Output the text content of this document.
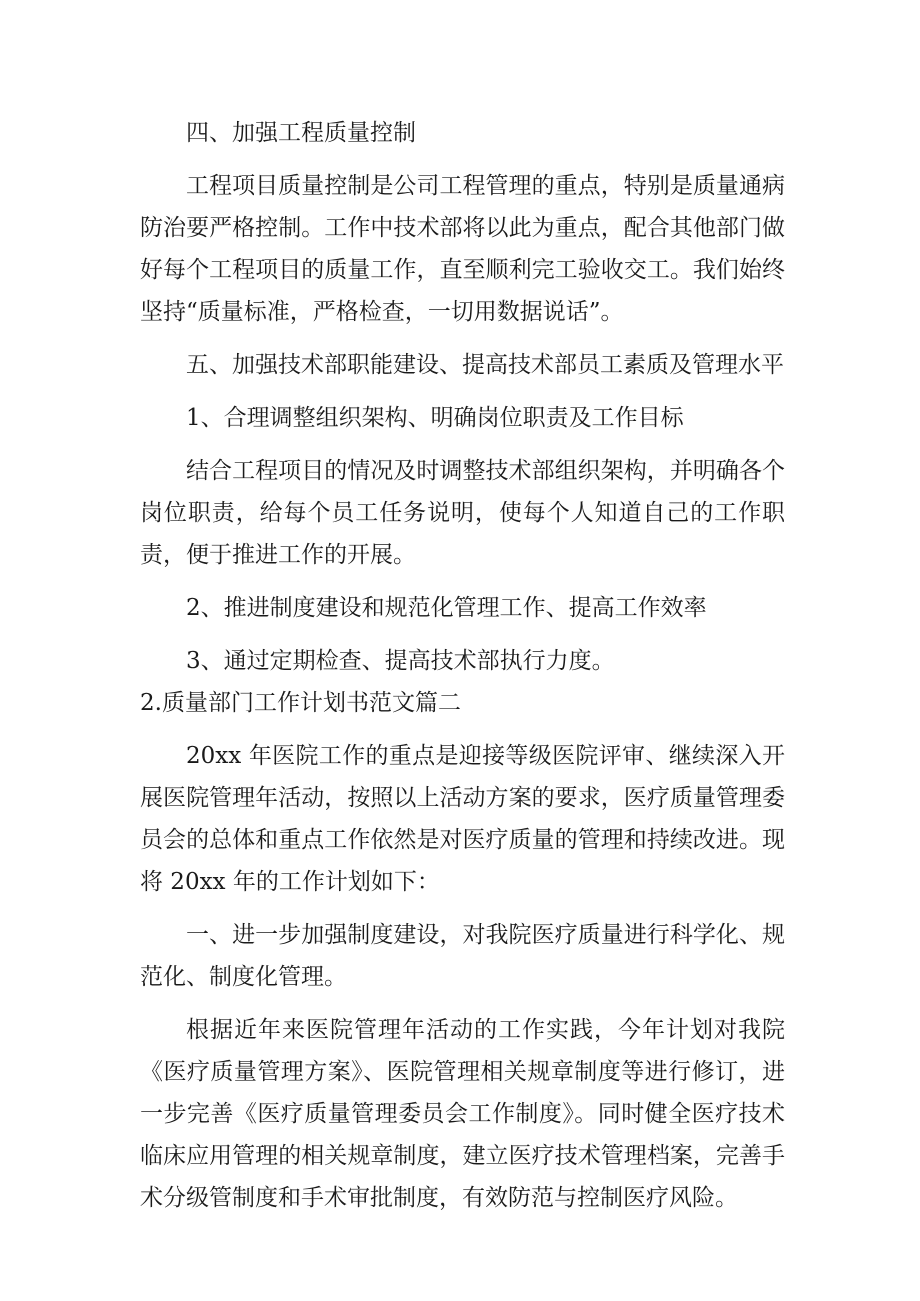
四、加强工程质量控制

工程项目质量控制是公司工程管理的重点，特别是质量通病防治要严格控制。工作中技术部将以此为重点，配合其他部门做好每个工程项目的质量工作，直至顺利完工验收交工。我们始终坚持“质量标准，严格检查，一切用数据说话”。

五、加强技术部职能建设、提高技术部员工素质及管理水平

1、合理调整组织架构、明确岗位职责及工作目标

结合工程项目的情况及时调整技术部组织架构，并明确各个岗位职责，给每个员工任务说明，使每个人知道自己的工作职责，便于推进工作的开展。

2、推进制度建设和规范化管理工作、提高工作效率

3、通过定期检查、提高技术部执行力度。

2.质量部门工作计划书范文篇二

20xx 年医院工作的重点是迎接等级医院评审、继续深入开展医院管理年活动，按照以上活动方案的要求，医疗质量管理委员会的总体和重点工作依然是对医疗质量的管理和持续改进。现将 20xx 年的工作计划如下：

一、进一步加强制度建设，对我院医疗质量进行科学化、规范化、制度化管理。

根据近年来医院管理年活动的工作实践，今年计划对我院《医疗质量管理方案》、医院管理相关规章制度等进行修订，进一步完善《医疗质量管理委员会工作制度》。同时健全医疗技术临床应用管理的相关规章制度，建立医疗技术管理档案，完善手术分级管制度和手术审批制度，有效防范与控制医疗风险。
